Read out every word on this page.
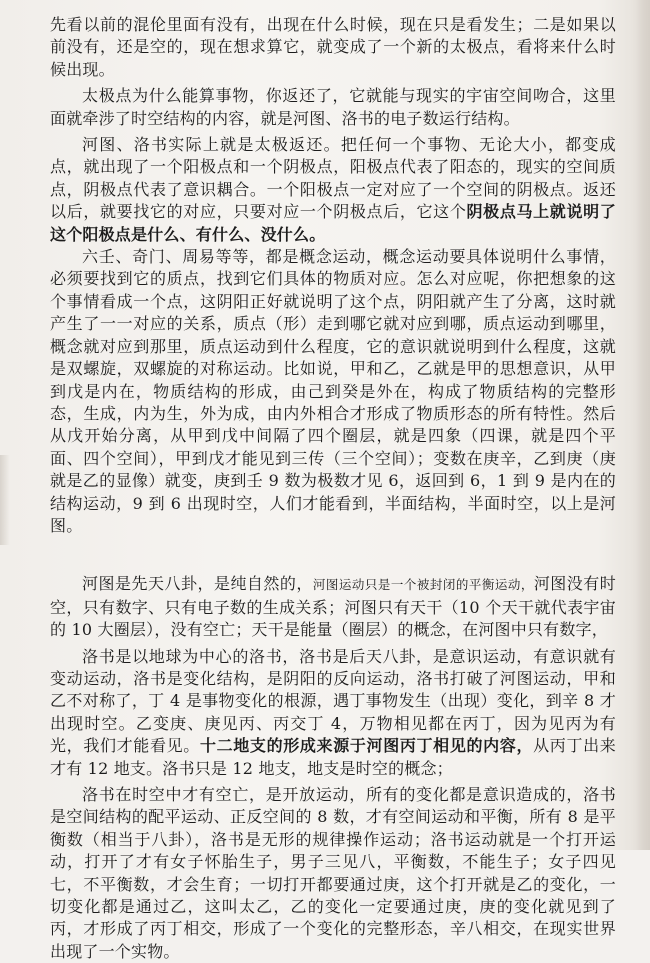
先看以前的混伦里面有没有，出现在什么时候，现在只是看发生；二是如果以前没有，还是空的，现在想求算它，就变成了一个新的太极点，看将来什么时候出现。

太极点为什么能算事物，你返还了，它就能与现实的宇宙空间吻合，这里面就牵涉了时空结构的内容，就是河图、洛书的电子数运行结构。

河图、洛书实际上就是太极返还。把任何一个事物、无论大小，都变成点，就出现了一个阳极点和一个阴极点，阳极点代表了阳态的，现实的空间质点，阴极点代表了意识耦合。一个阳极点一定对应了一个空间的阴极点。返还以后，就要找它的对应，只要对应一个阴极点后，它这个阴极点马上就说明了这个阳极点是什么、有什么、没什么。

六壬、奇门、周易等等，都是概念运动，概念运动要具体说明什么事情，必须要找到它的质点，找到它们具体的物质对应。怎么对应呢，你把想象的这个事情看成一个点，这阴阳正好就说明了这个点，阴阳就产生了分离，这时就产生了一一对应的关系，质点（形）走到哪它就对应到哪，质点运动到哪里，概念就对应到那里，质点运动到什么程度，它的意识就说明到什么程度，这就是双螺旋，双螺旋的对称运动。比如说，甲和乙，乙就是甲的思想意识，从甲到戊是内在，物质结构的形成，由己到癸是外在，构成了物质结构的完整形态，生成，内为生，外为成，由内外相合才形成了物质形态的所有特性。然后从戊开始分离，从甲到戊中间隔了四个圈层，就是四象（四课，就是四个平面、四个空间），甲到戊才能见到三传（三个空间）；变数在庚辛，乙到庚（庚就是乙的显像）就变，庚到壬 9 数为极数才见 6，返回到 6，1 到 9 是内在的结构运动，9 到 6 出现时空，人们才能看到，半面结构，半面时空，以上是河图。

河图是先天八卦，是纯自然的，河图运动只是一个被封闭的平衡运动，河图没有时空，只有数字、只有电子数的生成关系；河图只有天干（10 个天干就代表宇宙的 10 大圈层），没有空亡；天干是能量（圈层）的概念，在河图中只有数字，

洛书是以地球为中心的洛书，洛书是后天八卦，是意识运动，有意识就有变动运动，洛书是变化结构，是阴阳的反向运动，洛书打破了河图运动，甲和乙不对称了，丁 4 是事物变化的根源，遇丁事物发生（出现）变化，到辛 8 才出现时空。乙变庚、庚见丙、丙交丁 4，万物相见都在丙丁，因为见丙为有光，我们才能看见。十二地支的形成来源于河图丙丁相见的内容，从丙丁出来才有 12 地支。洛书只是 12 地支，地支是时空的概念；

洛书在时空中才有空亡，是开放运动，所有的变化都是意识造成的，洛书是空间结构的配平运动、正反空间的 8 数，才有空间运动和平衡，所有 8 是平衡数（相当于八卦），洛书是无形的规律操作运动；洛书运动就是一个打开运动，打开了才有女子怀胎生子，男子三见八，平衡数，不能生子；女子四见七，不平衡数，才会生育；一切打开都要通过庚，这个打开就是乙的变化，一切变化都是通过乙，这叫太乙，乙的变化一定要通过庚，庚的变化就见到了丙，才形成了丙丁相交，形成了一个变化的完整形态，辛八相交，在现实世界出现了一个实物。
